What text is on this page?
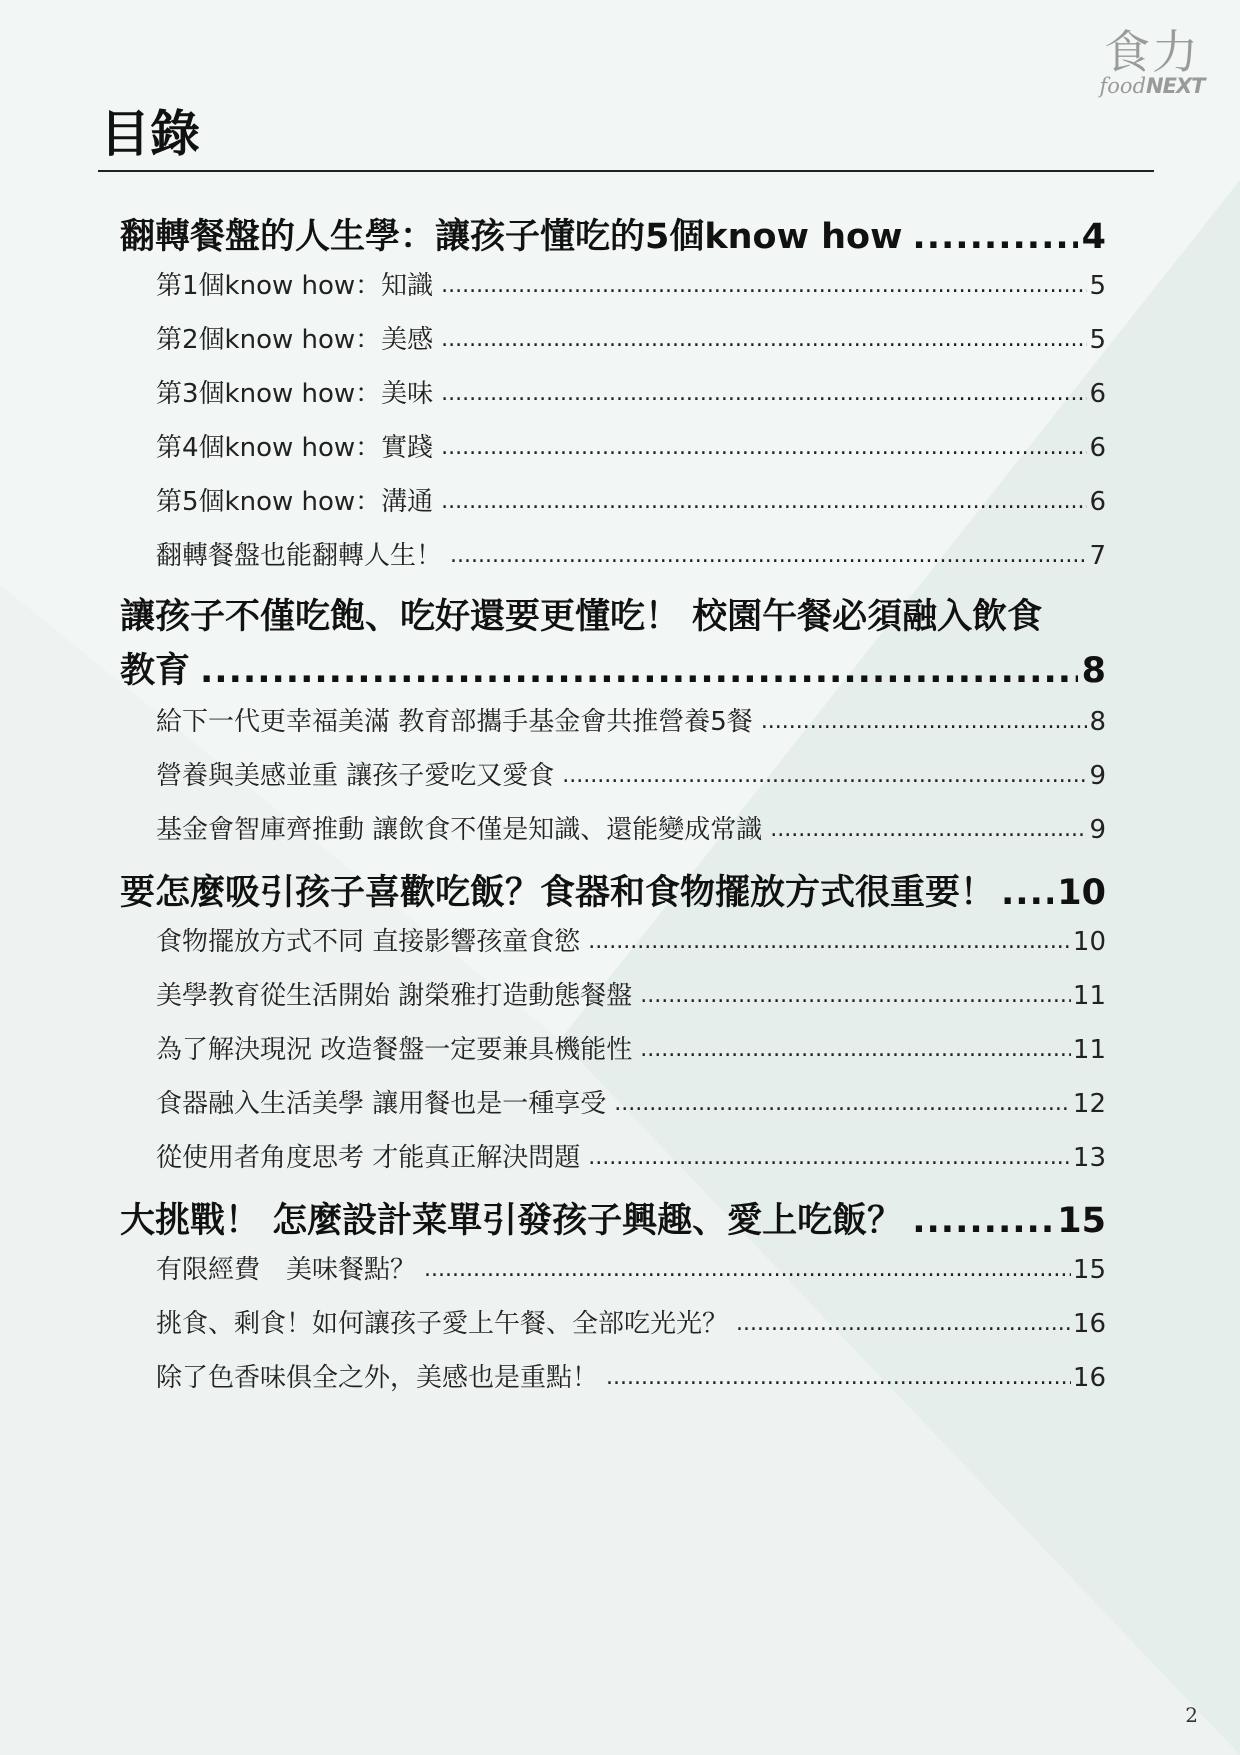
食力
foodNEXT
目錄
翻轉餐盤的人生學：讓孩子懂吃的5個know how .....	4
第1個know how：知識 .....	5
第2個know how：美感 .....	5
第3個know how：美味 .....	6
第4個know how：實踐 .....	6
第5個know how：溝通 .....	6
翻轉餐盤也能翻轉人生！ .....	7
讓孩子不僅吃飽、吃好還要更懂吃！ 校園午餐必須融入飲食
教育 .....	8
給下一代更幸福美滿 教育部攜手基金會共推營養5餐 .....	8
營養與美感並重 讓孩子愛吃又愛食 .....	9
基金會智庫齊推動 讓飲食不僅是知識、還能變成常識 .....	9
要怎麼吸引孩子喜歡吃飯？食器和食物擺放方式很重要！ ..... 10
食物擺放方式不同 直接影響孩童食慾 .....	10
美學教育從生活開始 謝榮雅打造動態餐盤 .....	11
為了解決現況 改造餐盤一定要兼具機能性 .....	11
食器融入生活美學 讓用餐也是一種享受 .....	12
從使用者角度思考 才能真正解決問題 .....	13
大挑戰！ 怎麼設計菜單引發孩子興趣、愛上吃飯？ .....	15
有限經費　美味餐點？ .....	15
挑食、剩食！如何讓孩子愛上午餐、全部吃光光？ .....	16
除了色香味俱全之外，美感也是重點！ .....	16
2
